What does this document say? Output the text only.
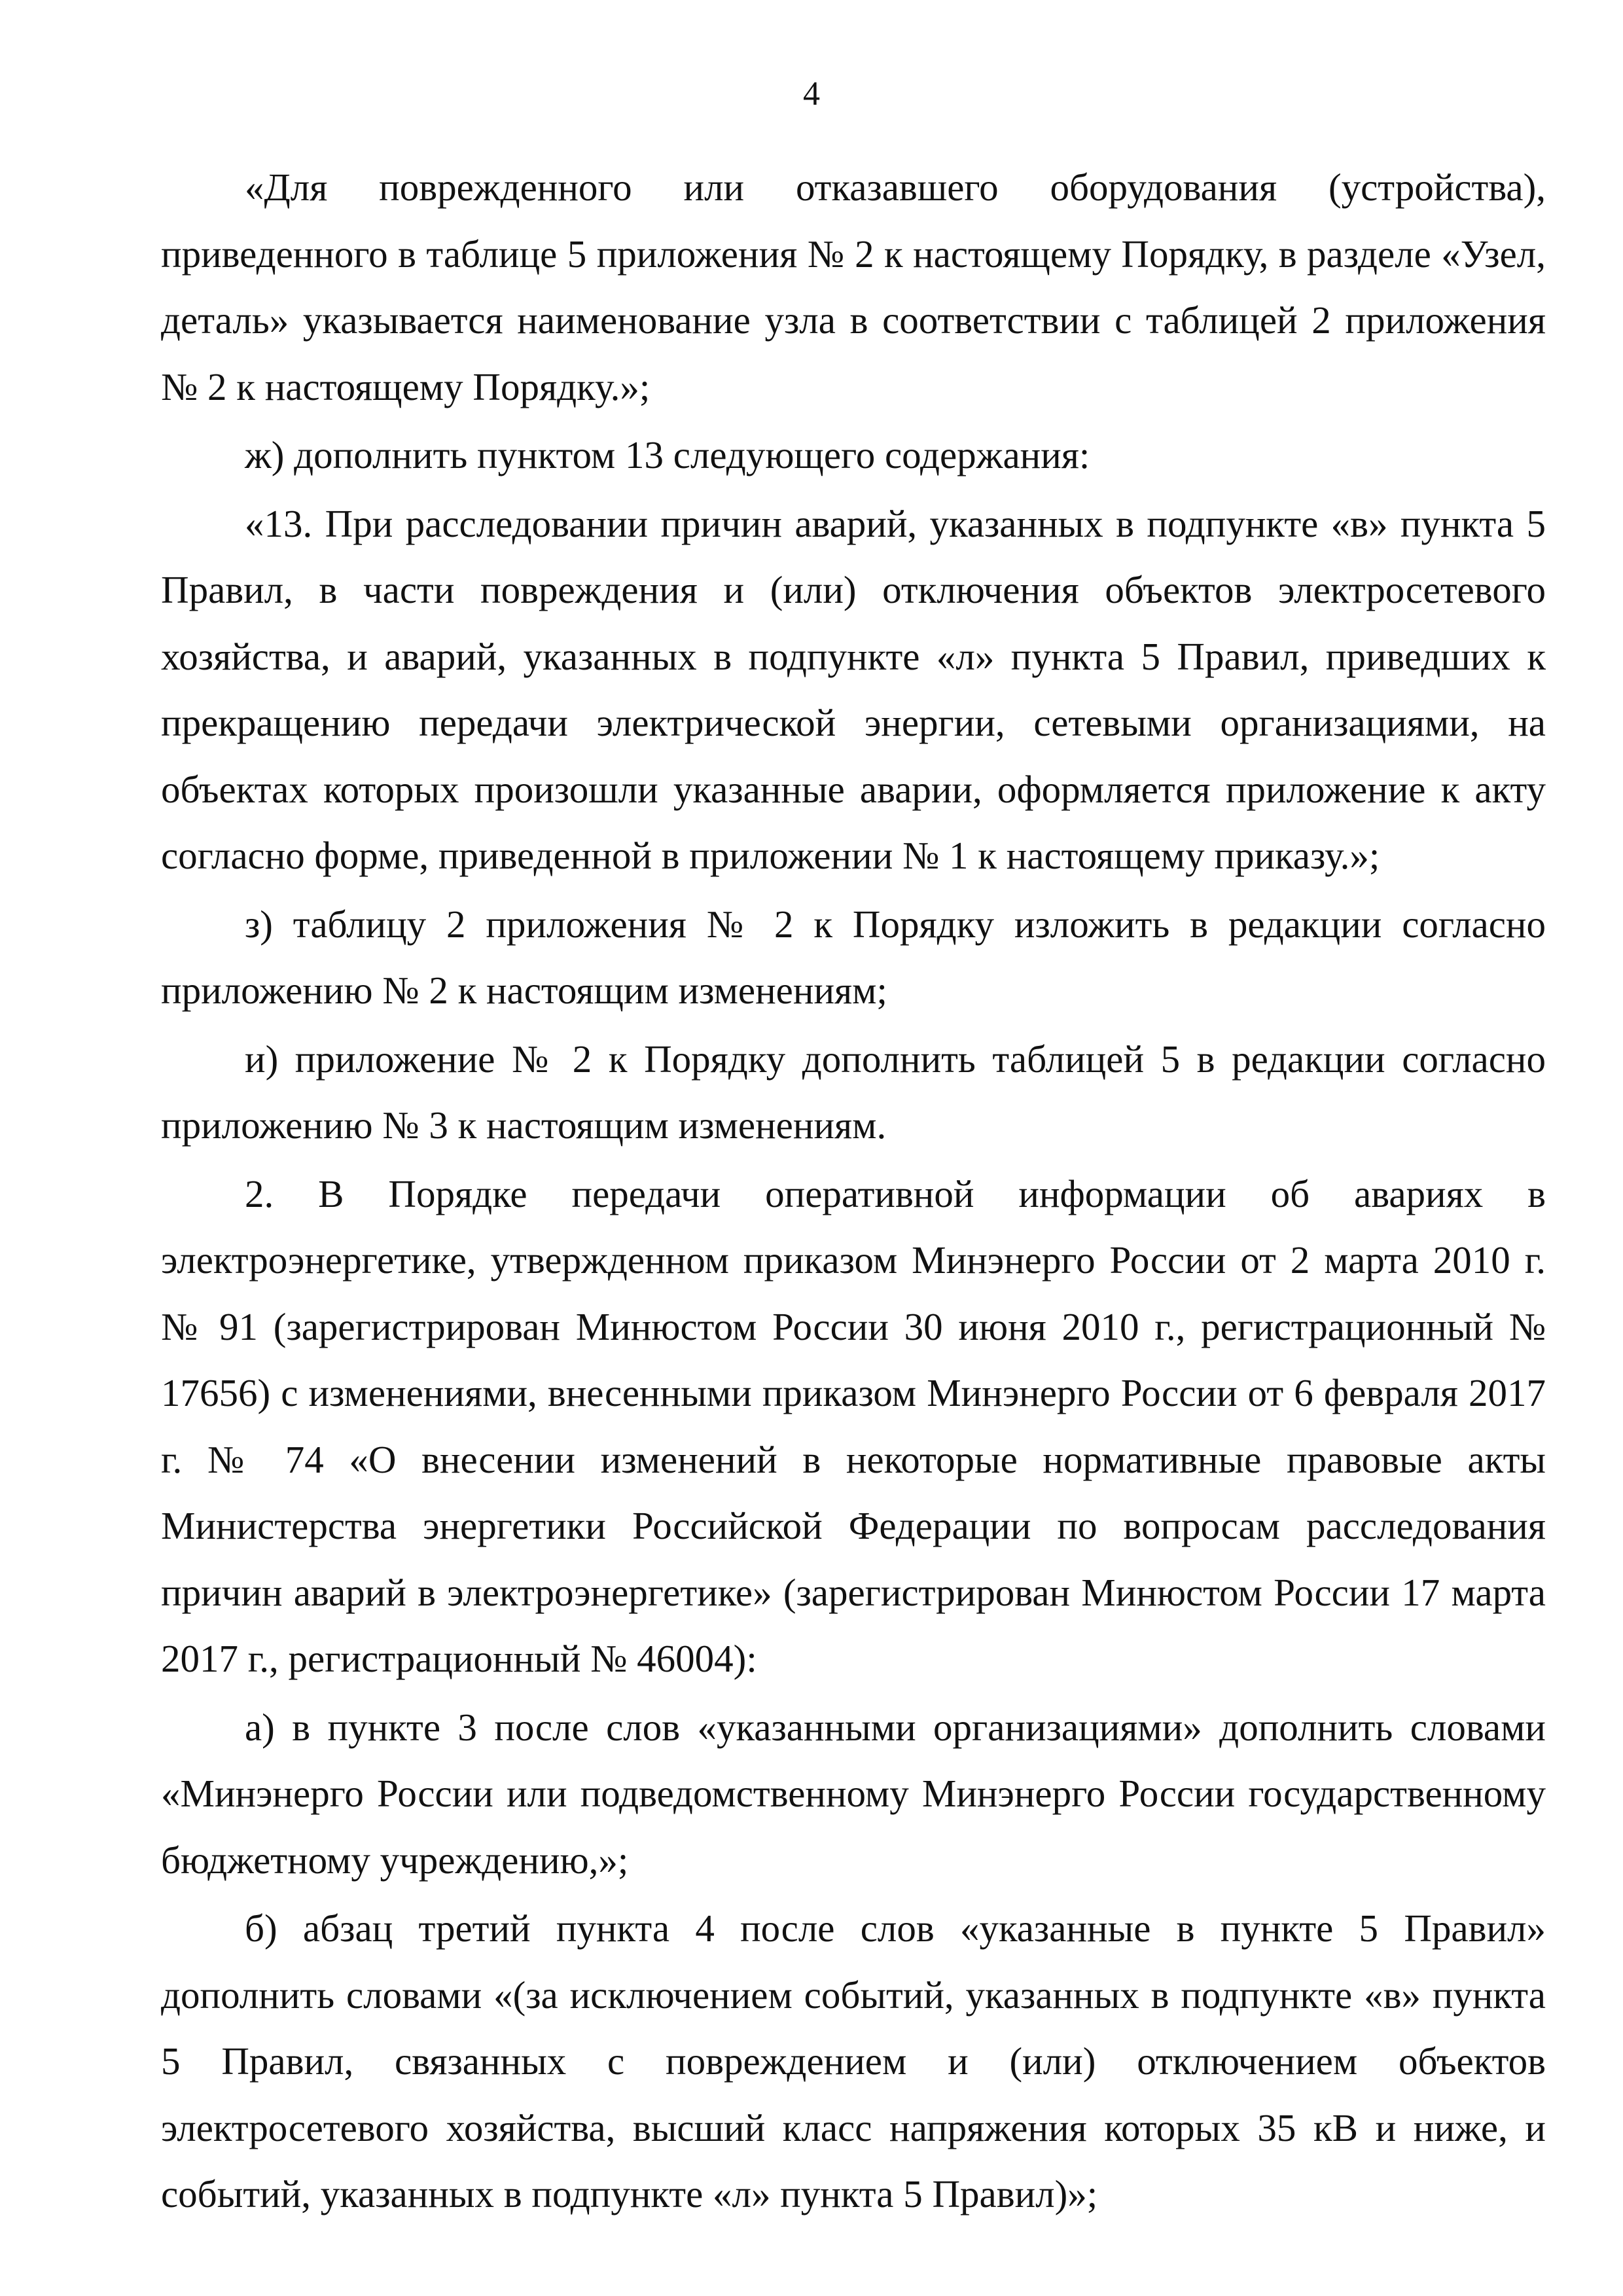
4

«Для поврежденного или отказавшего оборудования (устройства), приведенного в таблице 5 приложения № 2 к настоящему Порядку, в разделе «Узел, деталь» указывается наименование узла в соответствии с таблицей 2 приложения № 2 к настоящему Порядку.»;

ж) дополнить пунктом 13 следующего содержания:

«13. При расследовании причин аварий, указанных в подпункте «в» пункта 5 Правил, в части повреждения и (или) отключения объектов электросетевого хозяйства, и аварий, указанных в подпункте «л» пункта 5 Правил, приведших к прекращению передачи электрической энергии, сетевыми организациями, на объектах которых произошли указанные аварии, оформляется приложение к акту согласно форме, приведенной в приложении № 1 к настоящему приказу.»;

з) таблицу 2 приложения № 2 к Порядку изложить в редакции согласно приложению № 2 к настоящим изменениям;

и) приложение № 2 к Порядку дополнить таблицей 5 в редакции согласно приложению № 3 к настоящим изменениям.

2. В Порядке передачи оперативной информации об авариях в электроэнергетике, утвержденном приказом Минэнерго России от 2 марта 2010 г. № 91 (зарегистрирован Минюстом России 30 июня 2010 г., регистрационный № 17656) с изменениями, внесенными приказом Минэнерго России от 6 февраля 2017 г. № 74 «О внесении изменений в некоторые нормативные правовые акты Министерства энергетики Российской Федерации по вопросам расследования причин аварий в электроэнергетике» (зарегистрирован Минюстом России 17 марта 2017 г., регистрационный № 46004):

а) в пункте 3 после слов «указанными организациями» дополнить словами «Минэнерго России или подведомственному Минэнерго России государственному бюджетному учреждению,»;

б) абзац третий пункта 4 после слов «указанные в пункте 5 Правил» дополнить словами «(за исключением событий, указанных в подпункте «в» пункта 5 Правил, связанных с повреждением и (или) отключением объектов электросетевого хозяйства, высший класс напряжения которых 35 кВ и ниже, и событий, указанных в подпункте «л» пункта 5 Правил)»;
